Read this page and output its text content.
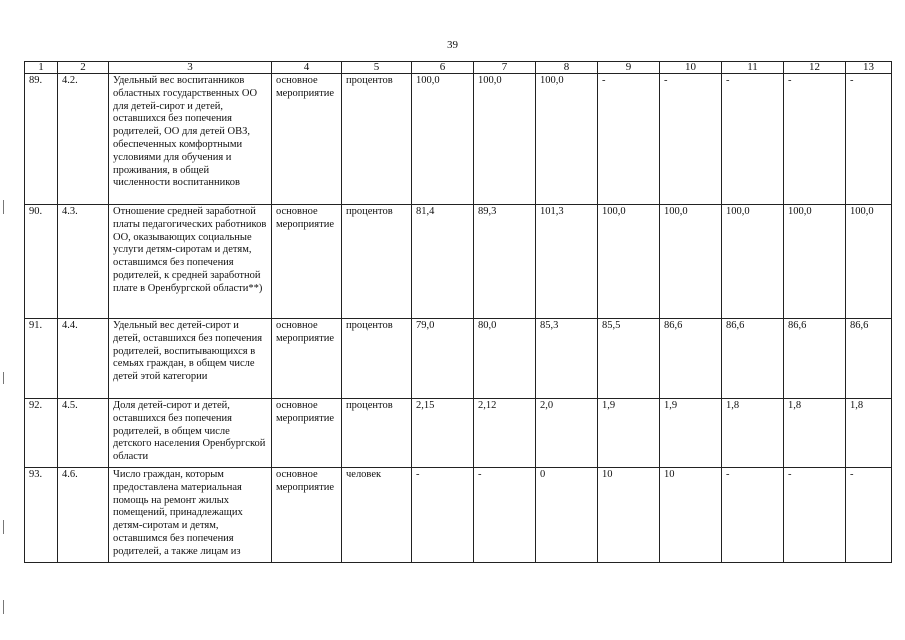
39
1	2	3	4	5	6	7	8	9	10	11	12	13
89.	4.2.	Удельный вес воспитанников областных государственных ОО для детей-сирот и детей, оставшихся без попечения родителей, ОО для детей ОВЗ, обеспеченных комфортными условиями для обучения и проживания, в общей численности воспитанников	основное мероприятие	процентов	100,0	100,0	100,0	-	-	-	-	-
90.	4.3.	Отношение средней заработной платы педагогических работников ОО, оказывающих социальные услуги детям-сиротам и детям, оставшимся без попечения родителей, к средней заработной плате в Оренбургской области**)	основное мероприятие	процентов	81,4	89,3	101,3	100,0	100,0	100,0	100,0	100,0
91.	4.4.	Удельный вес детей-сирот и детей, оставшихся без попечения родителей, воспитывающихся в семьях граждан, в общем числе детей этой категории	основное мероприятие	процентов	79,0	80,0	85,3	85,5	86,6	86,6	86,6	86,6
92.	4.5.	Доля детей-сирот и детей, оставшихся без попечения родителей, в общем числе детского населения Оренбургской области	основное мероприятие	процентов	2,15	2,12	2,0	1,9	1,9	1,8	1,8	1,8
93.	4.6.	Число граждан, которым предоставлена материальная помощь на ремонт жилых помещений, принадлежащих детям-сиротам и детям, оставшимся без попечения родителей, а также лицам из	основное мероприятие	человек	-	-	0	10	10	-	-	-
